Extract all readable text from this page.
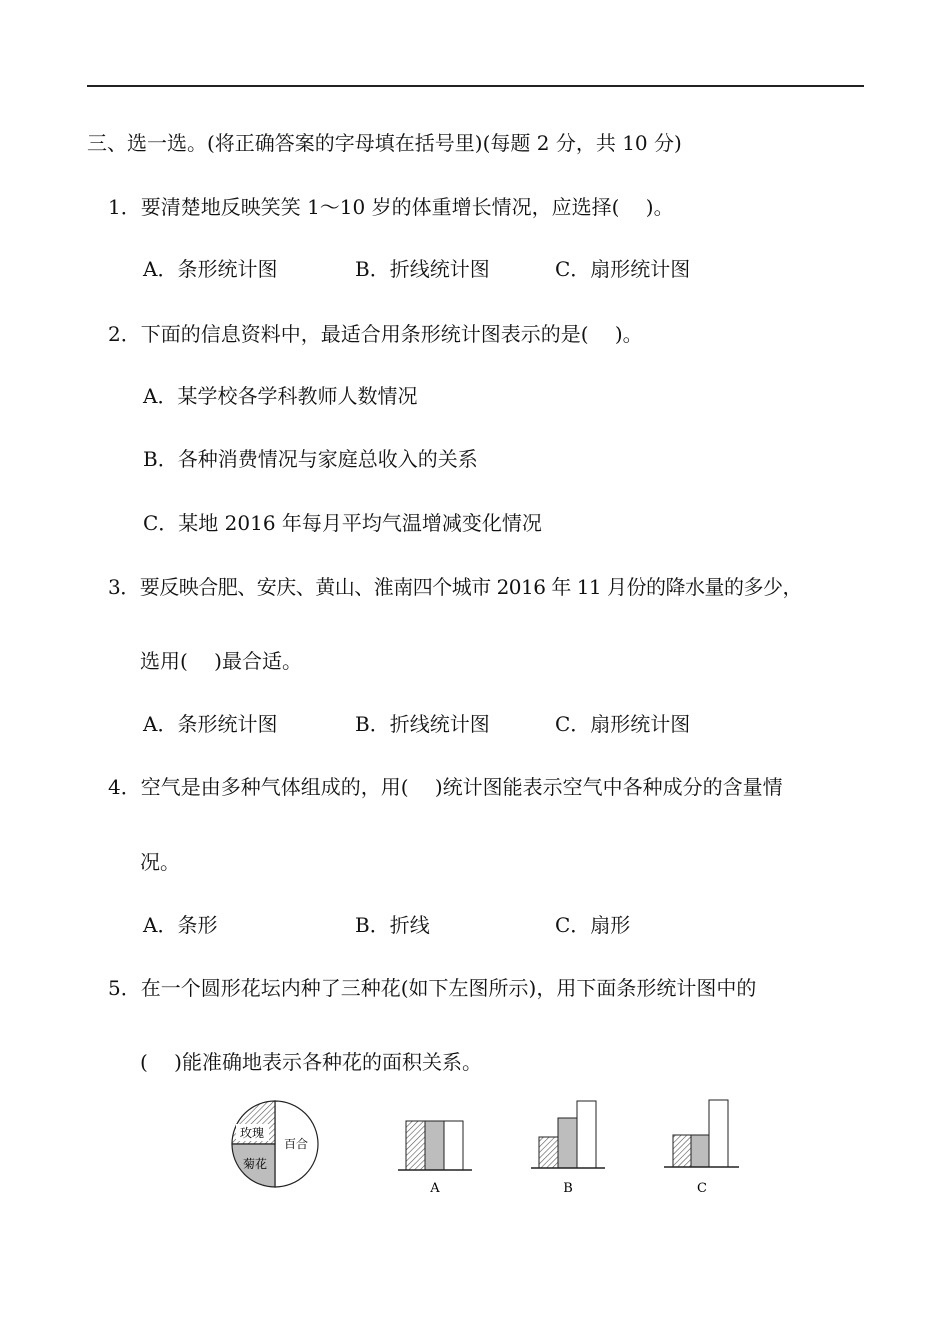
三、选一选。(将正确答案的字母填在括号里)(每题 2 分，共 10 分)
1．要清楚地反映笑笑 1～10 岁的体重增长情况，应选择(　 )。
A．条形统计图	B．折线统计图	C．扇形统计图
2．下面的信息资料中，最适合用条形统计图表示的是(　 )。
A．某学校各学科教师人数情况
B．各种消费情况与家庭总收入的关系
C．某地 2016 年每月平均气温增减变化情况
3．要反映合肥、安庆、黄山、淮南四个城市 2016 年 11 月份的降水量的多少，
选用(　 )最合适。
A．条形统计图	B．折线统计图	C．扇形统计图
4．空气是由多种气体组成的，用(　 )统计图能表示空气中各种成分的含量情
况。
A．条形	B．折线	C．扇形
5．在一个圆形花坛内种了三种花(如下左图所示)，用下面条形统计图中的
(　 )能准确地表示各种花的面积关系。
玫瑰
菊花
百合
A	B	C
